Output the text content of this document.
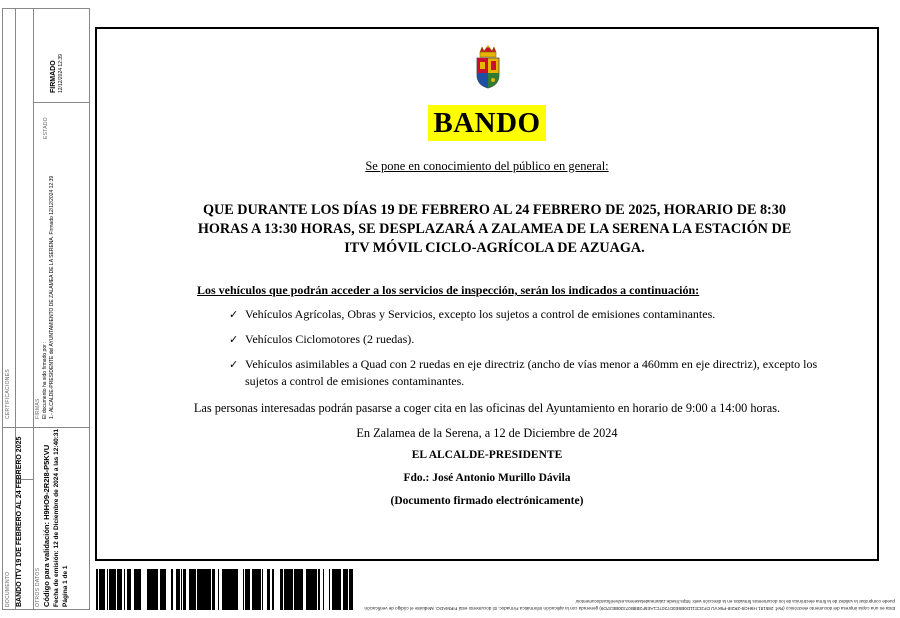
ESTADO
FIRMADO 12/12/2024 12:39
FIRMAS El documento ha sido firmado por : 1.- ALCALDE-PRESIDENTE del AYUNTAMIENTO DE ZALAMEA DE LA SERENA. Firmado 12/12/2024 12:39
CERTIFICACIONES
OTROS DATOS Código para validación: H9HO9-2R2I8-P5KVU Fecha de emisión: 12 de Diciembre de 2024 a las 12:40:31 Página 1 de 1
DOCUMENTO BANDO ITV 19 DE FEBRERO AL 24 FEBRERO 2025
BANDO
Se pone en conocimiento del público en general:
QUE DURANTE LOS DÍAS 19 DE FEBRERO AL 24 FEBRERO DE 2025, HORARIO DE 8:30 HORAS A 13:30 HORAS, SE DESPLAZARÁ A ZALAMEA DE LA SERENA LA ESTACIÓN DE ITV MÓVIL CICLO-AGRÍCOLA DE AZUAGA.
Los vehículos que podrán acceder a los servicios de inspección, serán los indicados a continuación:
✓ Vehículos Agrícolas, Obras y Servicios, excepto los sujetos a control de emisiones contaminantes.
✓ Vehículos Ciclomotores (2 ruedas).
✓ Vehículos asimilables a Quad con 2 ruedas en eje directriz (ancho de vías menor a 460mm en eje directriz), excepto los sujetos a control de emisiones contaminantes.
Las personas interesadas podrán pasarse a coger cita en las oficinas del Ayuntamiento en horario de 9:00 a 14:00 horas.
En Zalamea de la Serena, a 12 de Diciembre de 2024
EL ALCALDE-PRESIDENTE
Fdo.: José Antonio Murillo Dávila
(Documento firmado electrónicamente)
Esta es una copia impresa del documento electrónico (Ref: 285181 H9HO9-2R2I8-P5KVU DF2CE11D0B5E0D7207C1AE5F2B8B07330BE37D9) generada con la aplicación informática Firmadoc. El documento está FIRMADO. Mediante el código de verificación puede comprobar la validez de la firma electrónica de los documentos firmados en la dirección web: https://sede.zalameadelaserena.es/verificardocumentos/
